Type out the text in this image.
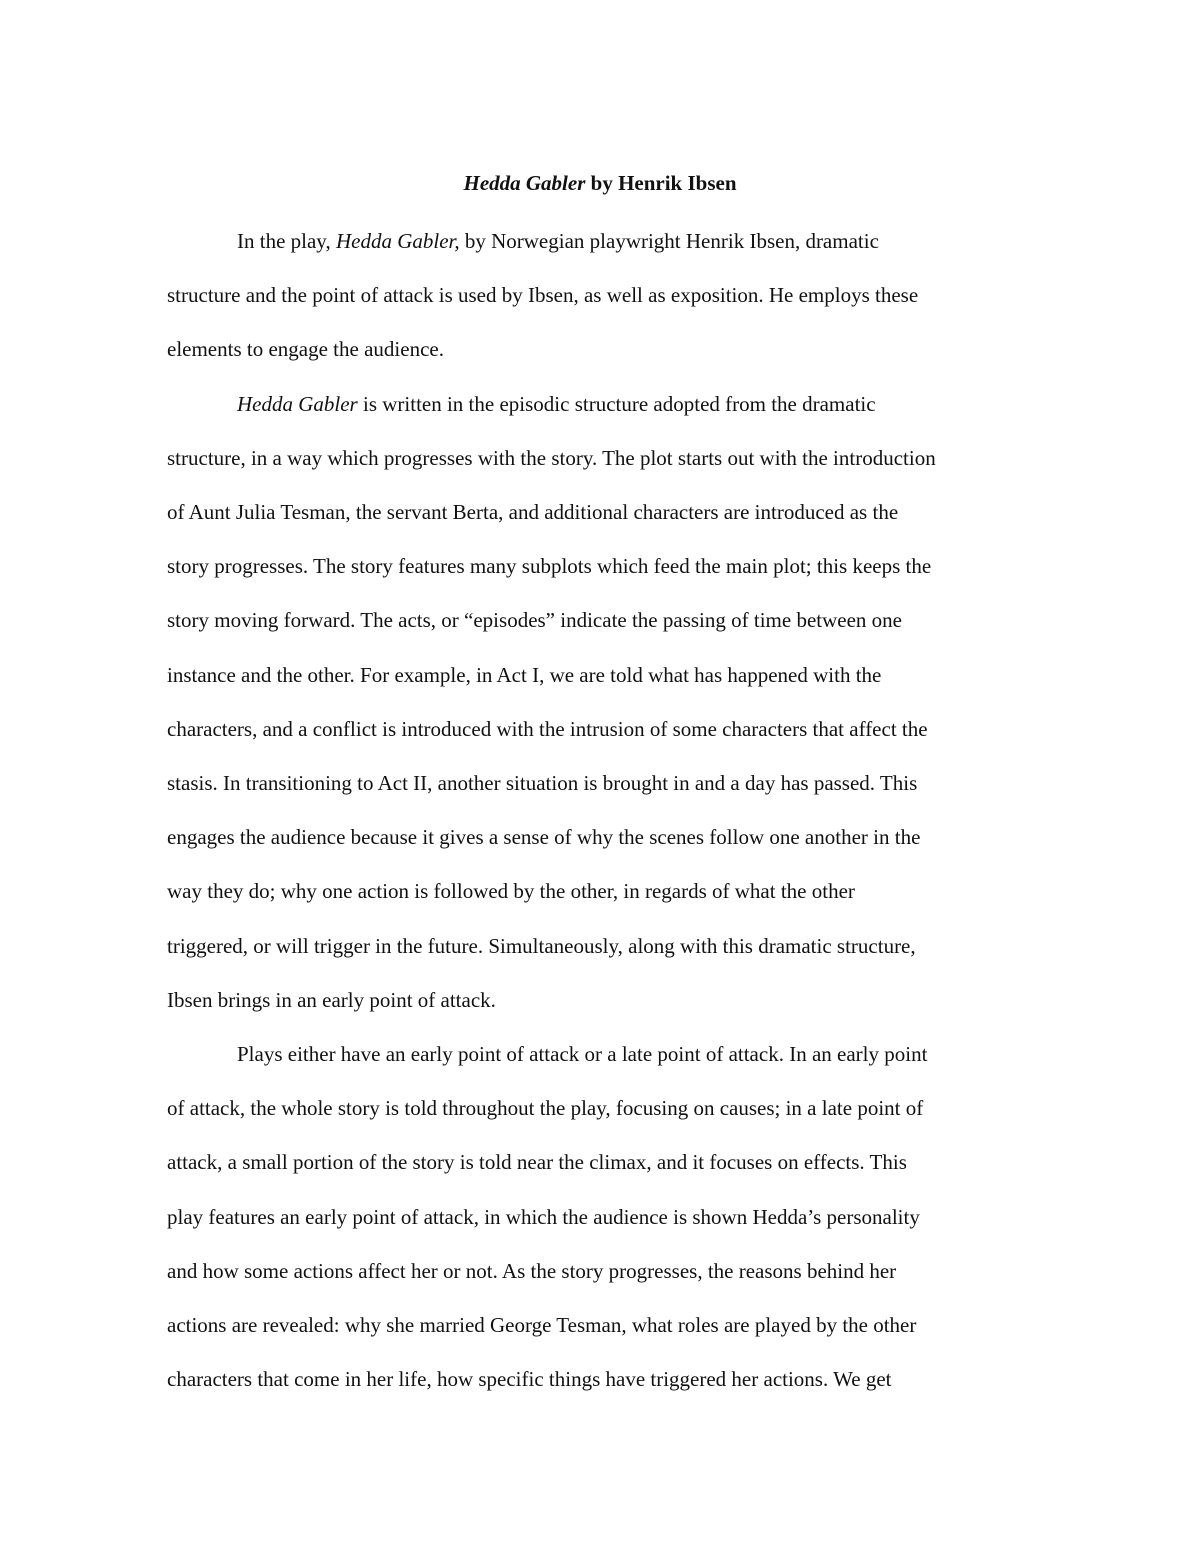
Hedda Gabler by Henrik Ibsen
In the play, Hedda Gabler, by Norwegian playwright Henrik Ibsen, dramatic
structure and the point of attack is used by Ibsen, as well as exposition. He employs these
elements to engage the audience.
Hedda Gabler is written in the episodic structure adopted from the dramatic
structure, in a way which progresses with the story. The plot starts out with the introduction
of Aunt Julia Tesman, the servant Berta, and additional characters are introduced as the
story progresses. The story features many subplots which feed the main plot; this keeps the
story moving forward. The acts, or “episodes” indicate the passing of time between one
instance and the other. For example, in Act I, we are told what has happened with the
characters, and a conflict is introduced with the intrusion of some characters that affect the
stasis. In transitioning to Act II, another situation is brought in and a day has passed. This
engages the audience because it gives a sense of why the scenes follow one another in the
way they do; why one action is followed by the other, in regards of what the other
triggered, or will trigger in the future. Simultaneously, along with this dramatic structure,
Ibsen brings in an early point of attack.
Plays either have an early point of attack or a late point of attack. In an early point
of attack, the whole story is told throughout the play, focusing on causes; in a late point of
attack, a small portion of the story is told near the climax, and it focuses on effects. This
play features an early point of attack, in which the audience is shown Hedda’s personality
and how some actions affect her or not. As the story progresses, the reasons behind her
actions are revealed: why she married George Tesman, what roles are played by the other
characters that come in her life, how specific things have triggered her actions. We get
